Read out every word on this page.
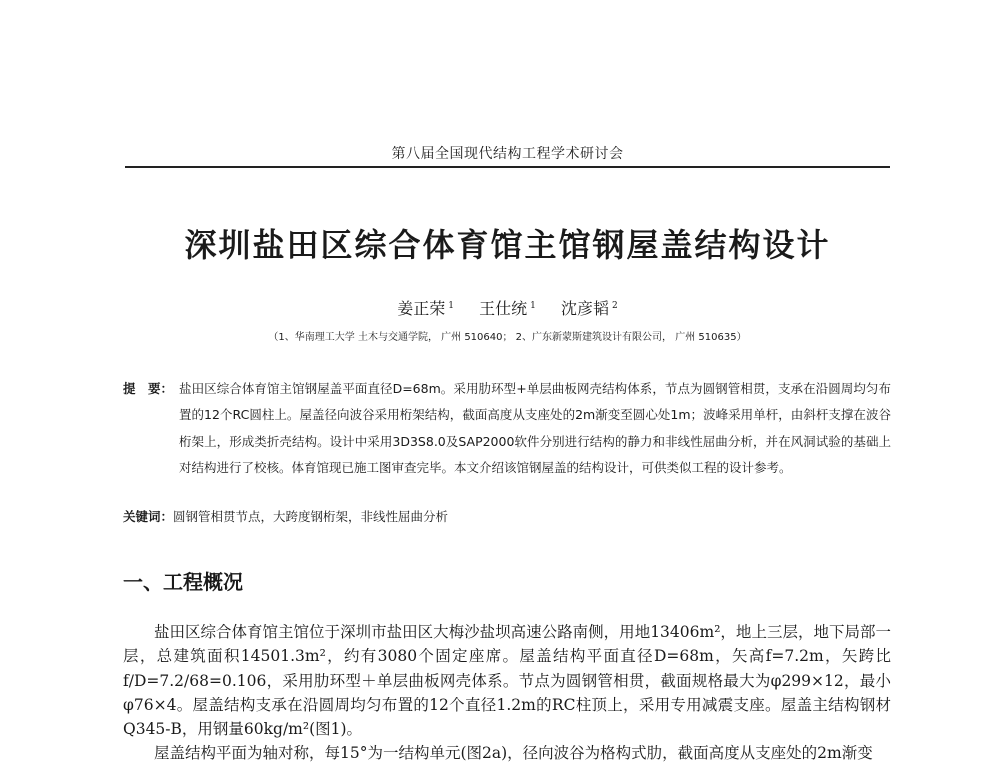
第八届全国现代结构工程学术研讨会
深圳盐田区综合体育馆主馆钢屋盖结构设计
姜正荣 $^1$ 王仕统 $^1$ 沈彦韬 $^2$
（1、华南理工大学 土木与交通学院， 广州 510640； 2、广东新蒙斯建筑设计有限公司， 广州 510635）
提　要： 盐田区综合体育馆主馆钢屋盖平面直径D=68m。采用肋环型+单层曲板网壳结构体系，节点为圆钢管相贯，支承在沿圆周均匀布置的12个RC圆柱上。屋盖径向波谷采用桁架结构，截面高度从支座处的2m渐变至圆心处1m；波峰采用单杆，由斜杆支撑在波谷桁架上，形成类折壳结构。设计中采用3D3S8.0及SAP2000软件分别进行结构的静力和非线性屈曲分析，并在风洞试验的基础上对结构进行了校核。体育馆现已施工图审查完毕。本文介绍该馆钢屋盖的结构设计，可供类似工程的设计参考。
关键词：圆钢管相贯节点，大跨度钢桁架，非线性屈曲分析
一、工程概况

盐田区综合体育馆主馆位于深圳市盐田区大梅沙盐坝高速公路南侧，用地13406m²，地上三层，地下局部一层，总建筑面积14501.3m²，约有3080个固定座席。屋盖结构平面直径D=68m，矢高f=7.2m，矢跨比f/D=7.2/68=0.106，采用肋环型＋单层曲板网壳体系。节点为圆钢管相贯，截面规格最大为φ299×12，最小φ76×4。屋盖结构支承在沿圆周均匀布置的12个直径1.2m的RC柱顶上，采用专用减震支座。屋盖主结构钢材Q345-B，用钢量60kg/m²(图1)。

屋盖结构平面为轴对称，每15°为一结构单元(图2a)，径向波谷为格构式肋，截面高度从支座处的2m渐变
